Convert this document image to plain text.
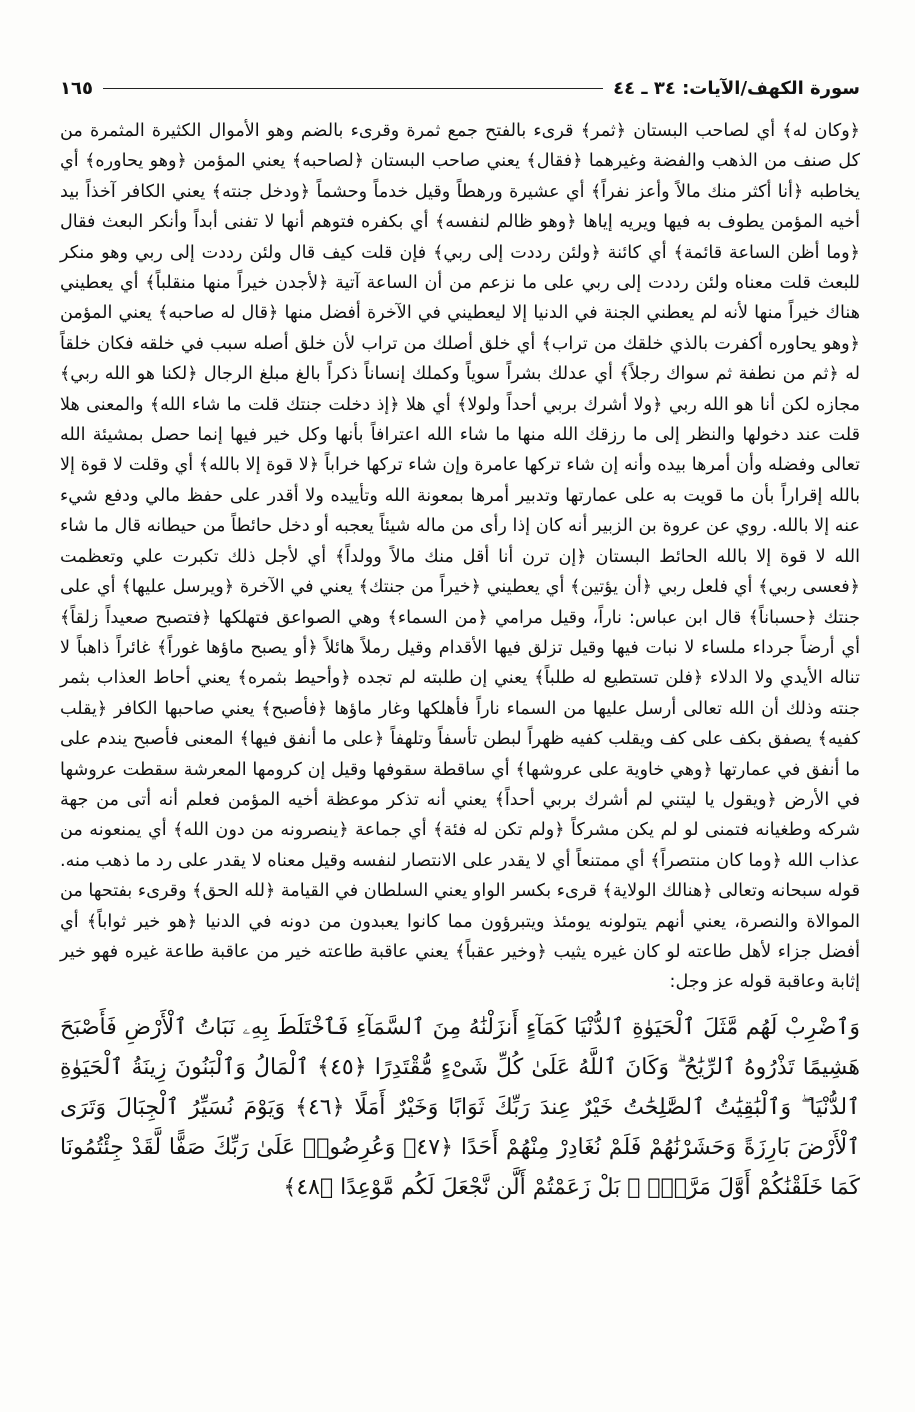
سورة الكهف/الآيات: ٣٤ ـ ٤٤
١٦٥

﴿وكان له﴾ أي لصاحب البستان ﴿ثمر﴾ قرىء بالفتح جمع ثمرة وقرىء بالضم وهو الأموال الكثيرة المثمرة من كل صنف من الذهب والفضة وغيرهما ﴿فقال﴾ يعني صاحب البستان ﴿لصاحبه﴾ يعني المؤمن ﴿وهو يحاوره﴾ أي يخاطبه ﴿أنا أكثر منك مالاً وأعز نفراً﴾ أي عشيرة ورهطاً وقيل خدماً وحشماً ﴿ودخل جنته﴾ يعني الكافر آخذاً بيد أخيه المؤمن يطوف به فيها ويريه إياها ﴿وهو ظالم لنفسه﴾ أي بكفره فتوهم أنها لا تفنى أبداً وأنكر البعث فقال ﴿وما أظن الساعة قائمة﴾ أي كائنة ﴿ولئن رددت إلى ربي﴾ فإن قلت كيف قال ولئن رددت إلى ربي وهو منكر للبعث قلت معناه ولئن رددت إلى ربي على ما نزعم من أن الساعة آتية ﴿لأجدن خيراً منها منقلباً﴾ أي يعطيني هناك خيراً منها لأنه لم يعطني الجنة في الدنيا إلا ليعطيني في الآخرة أفضل منها ﴿قال له صاحبه﴾ يعني المؤمن ﴿وهو يحاوره أكفرت بالذي خلقك من تراب﴾ أي خلق أصلك من تراب لأن خلق أصله سبب في خلقه فكان خلقاً له ﴿ثم من نطفة ثم سواك رجلاً﴾ أي عدلك بشراً سوياً وكملك إنساناً ذكراً بالغ مبلغ الرجال ﴿لكنا هو الله ربي﴾ مجازه لكن أنا هو الله ربي ﴿ولا أشرك بربي أحداً ولولا﴾ أي هلا ﴿إذ دخلت جنتك قلت ما شاء الله﴾ والمعنى هلا قلت عند دخولها والنظر إلى ما رزقك الله منها ما شاء الله اعترافاً بأنها وكل خير فيها إنما حصل بمشيئة الله تعالى وفضله وأن أمرها بيده وأنه إن شاء تركها عامرة وإن شاء تركها خراباً ﴿لا قوة إلا بالله﴾ أي وقلت لا قوة إلا بالله إقراراً بأن ما قويت به على عمارتها وتدبير أمرها بمعونة الله وتأييده ولا أقدر على حفظ مالي ودفع شيء عنه إلا بالله. روي عن عروة بن الزبير أنه كان إذا رأى من ماله شيئاً يعجبه أو دخل حائطاً من حيطانه قال ما شاء الله لا قوة إلا بالله الحائط البستان ﴿إن ترن أنا أقل منك مالاً وولداً﴾ أي لأجل ذلك تكبرت علي وتعظمت ﴿فعسى ربي﴾ أي فلعل ربي ﴿أن يؤتين﴾ أي يعطيني ﴿خيراً من جنتك﴾ يعني في الآخرة ﴿ويرسل عليها﴾ أي على جنتك ﴿حسباناً﴾ قال ابن عباس: ناراً، وقيل مرامي ﴿من السماء﴾ وهي الصواعق فتهلكها ﴿فتصبح صعيداً زلقاً﴾ أي أرضاً جرداء ملساء لا نبات فيها وقيل تزلق فيها الأقدام وقيل رملاً هائلاً ﴿أو يصبح ماؤها غوراً﴾ غائراً ذاهباً لا تناله الأيدي ولا الدلاء ﴿فلن تستطيع له طلباً﴾ يعني إن طلبته لم تجده ﴿وأحيط بثمره﴾ يعني أحاط العذاب بثمر جنته وذلك أن الله تعالى أرسل عليها من السماء ناراً فأهلكها وغار ماؤها ﴿فأصبح﴾ يعني صاحبها الكافر ﴿يقلب كفيه﴾ يصفق بكف على كف ويقلب كفيه ظهراً لبطن تأسفاً وتلهفاً ﴿على ما أنفق فيها﴾ المعنى فأصبح يندم على ما أنفق في عمارتها ﴿وهي خاوية على عروشها﴾ أي ساقطة سقوفها وقيل إن كرومها المعرشة سقطت عروشها في الأرض ﴿ويقول يا ليتني لم أشرك بربي أحداً﴾ يعني أنه تذكر موعظة أخيه المؤمن فعلم أنه أتى من جهة شركه وطغيانه فتمنى لو لم يكن مشركاً ﴿ولم تكن له فئة﴾ أي جماعة ﴿ينصرونه من دون الله﴾ أي يمنعونه من عذاب الله ﴿وما كان منتصراً﴾ أي ممتنعاً أي لا يقدر على الانتصار لنفسه وقيل معناه لا يقدر على رد ما ذهب منه. قوله سبحانه وتعالى ﴿هنالك الولاية﴾ قرىء بكسر الواو يعني السلطان في القيامة ﴿لله الحق﴾ وقرىء بفتحها من الموالاة والنصرة، يعني أنهم يتولونه يومئذ ويتبرؤون مما كانوا يعبدون من دونه في الدنيا ﴿هو خير ثواباً﴾ أي أفضل جزاء لأهل طاعته لو كان غيره يثيب ﴿وخير عقباً﴾ يعني عاقبة طاعته خير من عاقبة طاعة غيره فهو خير إثابة وعاقبة قوله عز وجل:

وَٱضْرِبْ لَهُم مَّثَلَ ٱلْحَيَوٰةِ ٱلدُّنْيَا كَمَآءٍ أَنزَلْنَٰهُ مِنَ ٱلسَّمَآءِ فَٱخْتَلَطَ بِهِۦ نَبَاتُ ٱلْأَرْضِ فَأَصْبَحَ هَشِيمًا تَذْرُوهُ ٱلرِّيَٰحُ ۗ وَكَانَ ٱللَّهُ عَلَىٰ كُلِّ شَىْءٍ مُّقْتَدِرًا ﴿٤٥﴾ ٱلْمَالُ وَٱلْبَنُونَ زِينَةُ ٱلْحَيَوٰةِ ٱلدُّنْيَا ۖ وَٱلْبَٰقِيَٰتُ ٱلصَّٰلِحَٰتُ خَيْرٌ عِندَ رَبِّكَ ثَوَابًا وَخَيْرٌ أَمَلًا ﴿٤٦﴾ وَيَوْمَ نُسَيِّرُ ٱلْجِبَالَ وَتَرَى ٱلْأَرْضَ بَارِزَةً وَحَشَرْنَٰهُمْ فَلَمْ نُغَادِرْ مِنْهُمْ أَحَدًا ﴿٤٧﴾ وَعُرِضُوا۟ عَلَىٰ رَبِّكَ صَفًّا لَّقَدْ جِئْتُمُونَا كَمَا خَلَقْنَٰكُمْ أَوَّلَ مَرَّةٍۭ ۚ بَلْ زَعَمْتُمْ أَلَّن نَّجْعَلَ لَكُم مَّوْعِدًا ﴿٤٨﴾
